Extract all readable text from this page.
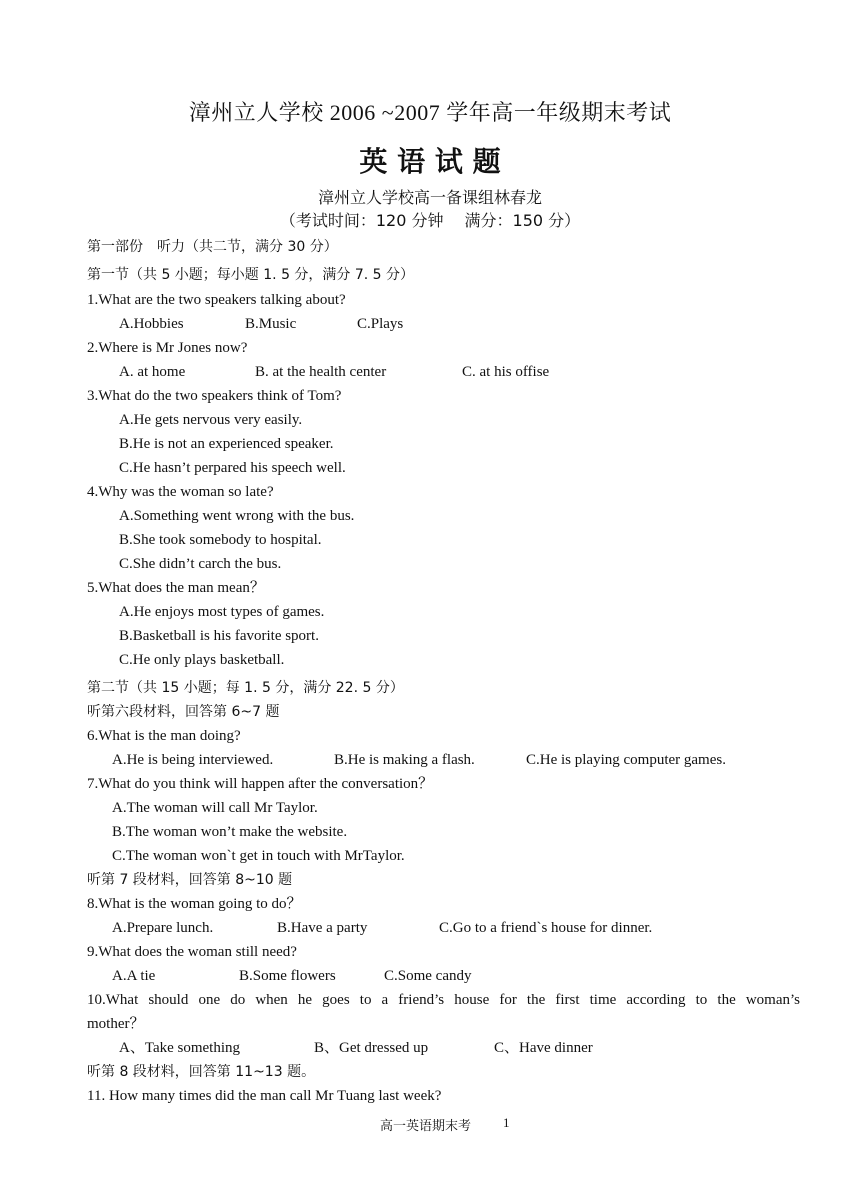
漳州立人学校 2006 ~2007 学年高一年级期末考试
英 语 试 题
漳州立人学校高一备课组林春龙
（考试时间：120 分钟　 满分：150 分）
第一部份　听力（共二节，满分 30 分）
第一节（共 5 小题；每小题 1. 5 分，满分 7. 5 分）
1.What are the two speakers talking about?
A.Hobbies	B.Music	C.Plays
2.Where is Mr Jones now?
A. at home	B. at the health center	C. at his offise
3.What do the two speakers think of Tom?
A.He gets nervous very easily.
B.He is not an experienced speaker.
C.He hasn’t perpared his speech well.
4.Why was the woman so late?
A.Something went wrong with the bus.
B.She took somebody to hospital.
C.She didn’t carch the bus.
5.What does the man mean？
A.He enjoys most types of games.
B.Basketball is his favorite sport.
C.He only plays basketball.
第二节（共 15 小题；每 1. 5 分，满分 22. 5 分）
听第六段材料，回答第 6~7 题
6.What is the man doing?
A.He is being interviewed.	B.He is making a flash.	C.He is playing computer games.
7.What do you think will happen after the conversation？
A.The woman will call Mr Taylor.
B.The woman won’t make the website.
C.The woman won`t get in touch with MrTaylor.
听第 7 段材料，回答第 8~10 题
8.What is the woman going to do？
A.Prepare lunch.	B.Have a party	C.Go to a friend`s house for dinner.
9.What does the woman still need?
A.A tie	B.Some flowers	C.Some candy
10.What should one do when he goes to a friend’s house for the first time according to the woman’s
mother？
A、Take something	B、Get dressed up	C、Have dinner
听第 8 段材料，回答第 11~13 题。
11. How many times did the man call Mr Tuang last week?
高一英语期末考 1
